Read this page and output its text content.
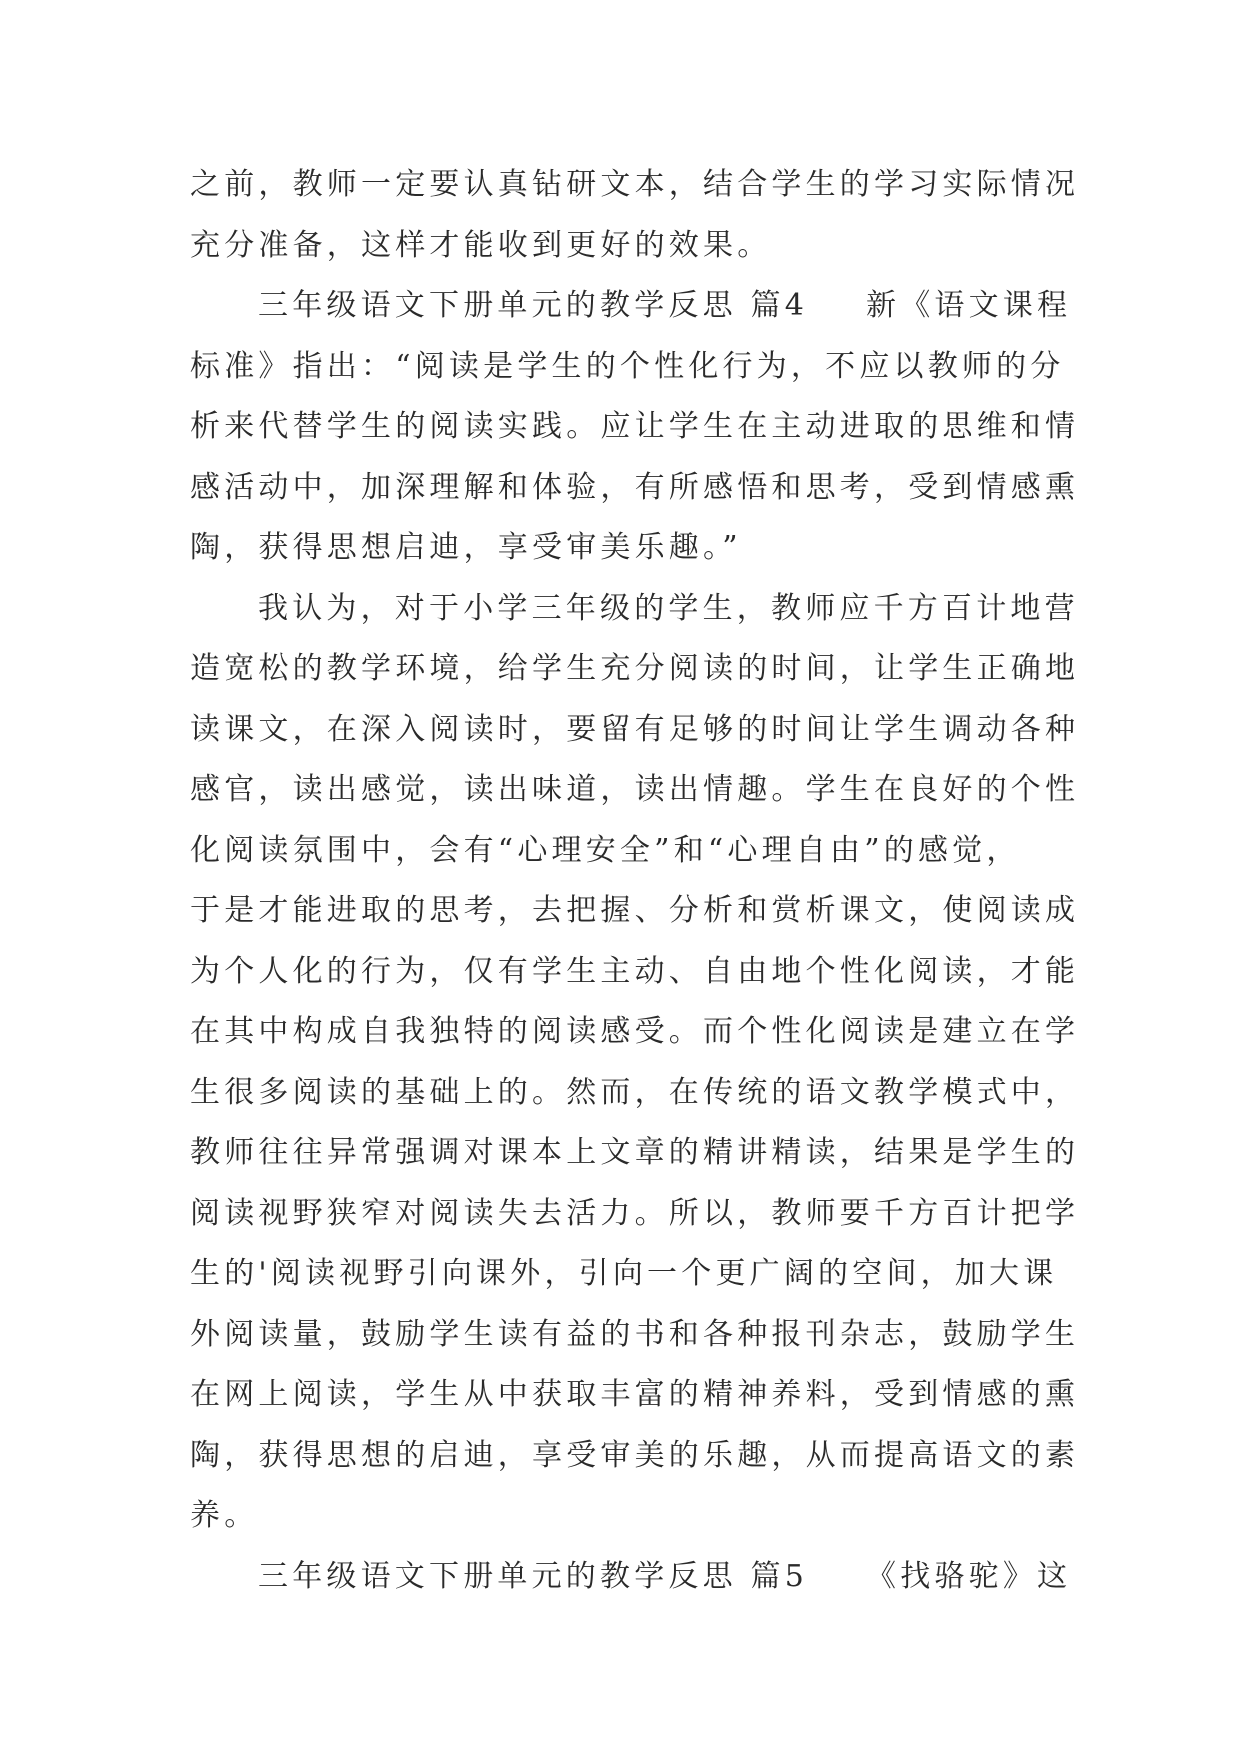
之前，教师一定要认真钻研文本，结合学生的学习实际情况
充分准备，这样才能收到更好的效果。
三年级语文下册单元的教学反思 篇4 新《语文课程
标准》指出：“阅读是学生的个性化行为，不应以教师的分
析来代替学生的阅读实践。应让学生在主动进取的思维和情
感活动中，加深理解和体验，有所感悟和思考，受到情感熏
陶，获得思想启迪，享受审美乐趣。”
我认为，对于小学三年级的学生，教师应千方百计地营
造宽松的教学环境，给学生充分阅读的时间，让学生正确地
读课文，在深入阅读时，要留有足够的时间让学生调动各种
感官，读出感觉，读出味道，读出情趣。学生在良好的个性
化阅读氛围中，会有“心理安全”和“心理自由”的感觉，
于是才能进取的思考，去把握、分析和赏析课文，使阅读成
为个人化的行为，仅有学生主动、自由地个性化阅读，才能
在其中构成自我独特的阅读感受。而个性化阅读是建立在学
生很多阅读的基础上的。然而，在传统的语文教学模式中，
教师往往异常强调对课本上文章的精讲精读，结果是学生的
阅读视野狭窄对阅读失去活力。所以，教师要千方百计把学
生的'阅读视野引向课外，引向一个更广阔的空间，加大课
外阅读量，鼓励学生读有益的书和各种报刊杂志，鼓励学生
在网上阅读，学生从中获取丰富的精神养料，受到情感的熏
陶，获得思想的启迪，享受审美的乐趣，从而提高语文的素
养。
三年级语文下册单元的教学反思 篇5 《找骆驼》这
